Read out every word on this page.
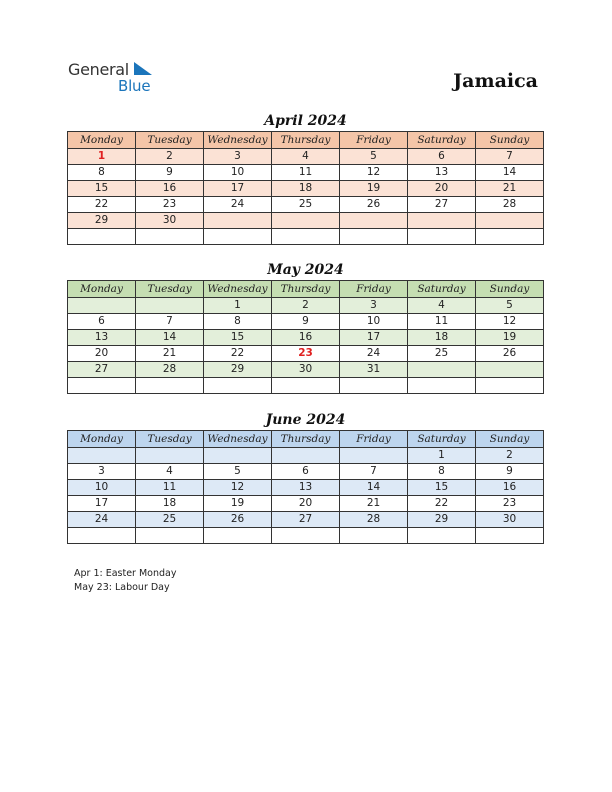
General
Blue	Jamaica
April 2024
Monday	Tuesday	Wednesday	Thursday	Friday	Saturday	Sunday
1	2	3	4	5	6	7
8	9	10	11	12	13	14
15	16	17	18	19	20	21
22	23	24	25	26	27	28
29	30					

May 2024
Monday	Tuesday	Wednesday	Thursday	Friday	Saturday	Sunday
		1	2	3	4	5
6	7	8	9	10	11	12
13	14	15	16	17	18	19
20	21	22	23	24	25	26
27	28	29	30	31		

June 2024
Monday	Tuesday	Wednesday	Thursday	Friday	Saturday	Sunday
					1	2
3	4	5	6	7	8	9
10	11	12	13	14	15	16
17	18	19	20	21	22	23
24	25	26	27	28	29	30

Apr 1: Easter Monday
May 23: Labour Day
